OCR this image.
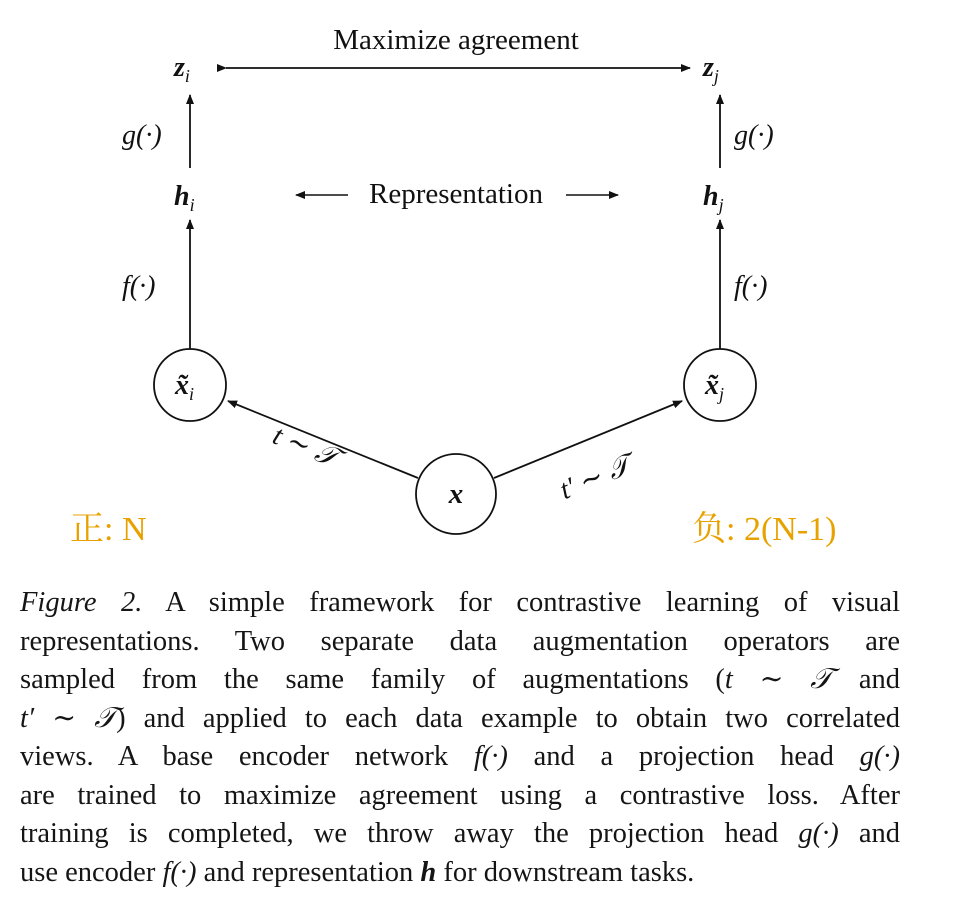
Maximize agreement
$z_i$	$z_j$
g(·)	g(·)
$h_i$	$h_j$
Representation
f(·)	f(·)
$x̃_i$	$x̃_j$
x
t ∼ 𝒯
t′ ∼ 𝒯
正: N	负: 2(N-1)
Figure 2. A simple framework for contrastive learning of visual
representations. Two separate data augmentation operators are
sampled from the same family of augmentations (t ∼ 𝒯 and
t′ ∼ 𝒯) and applied to each data example to obtain two correlated
views. A base encoder network f(·) and a projection head g(·)
are trained to maximize agreement using a contrastive loss. After
training is completed, we throw away the projection head g(·) and
use encoder f(·) and representation h for downstream tasks.
